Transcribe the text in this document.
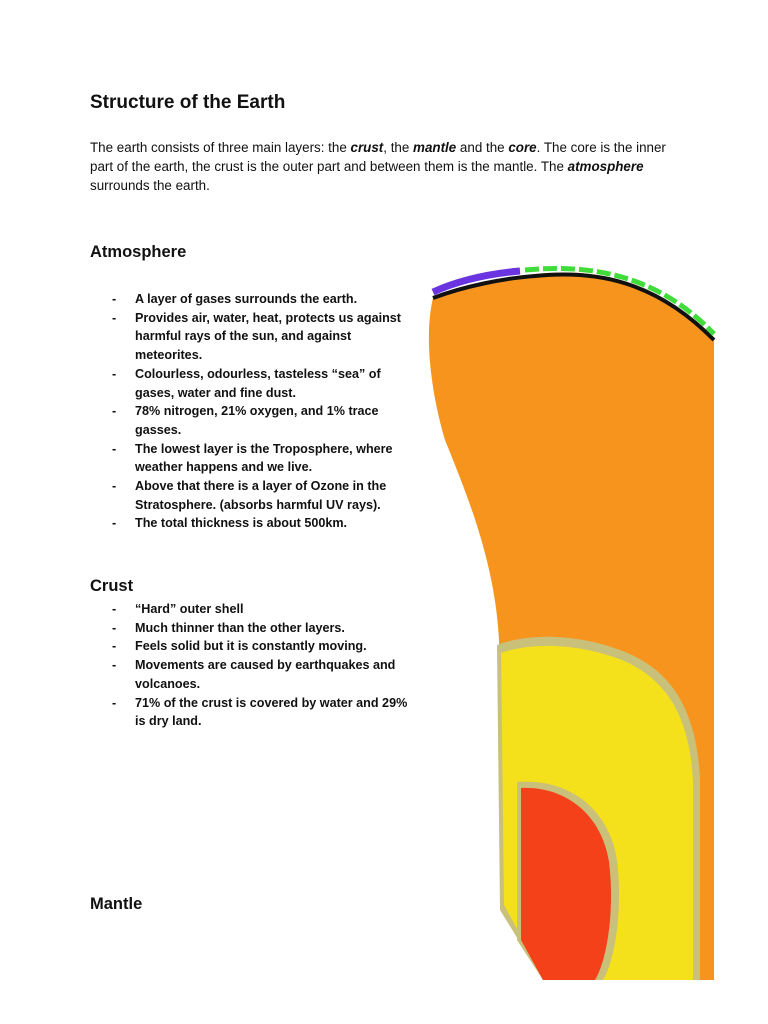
Structure of the Earth

The earth consists of three main layers: the crust, the mantle and the core. The core is the inner part of the earth, the crust is the outer part and between them is the mantle. The atmosphere surrounds the earth.

Atmosphere
- A layer of gases surrounds the earth.
- Provides air, water, heat, protects us against harmful rays of the sun, and against meteorites.
- Colourless, odourless, tasteless “sea” of gases, water and fine dust.
- 78% nitrogen, 21% oxygen, and 1% trace gasses.
- The lowest layer is the Troposphere, where weather happens and we live.
- Above that there is a layer of Ozone in the Stratosphere. (absorbs harmful UV rays).
- The total thickness is about 500km.
Crust
- “Hard” outer shell
- Much thinner than the other layers.
- Feels solid but it is constantly moving.
- Movements are caused by earthquakes and volcanoes.
- 71% of the crust is covered by water and 29% is dry land.
Mantle
